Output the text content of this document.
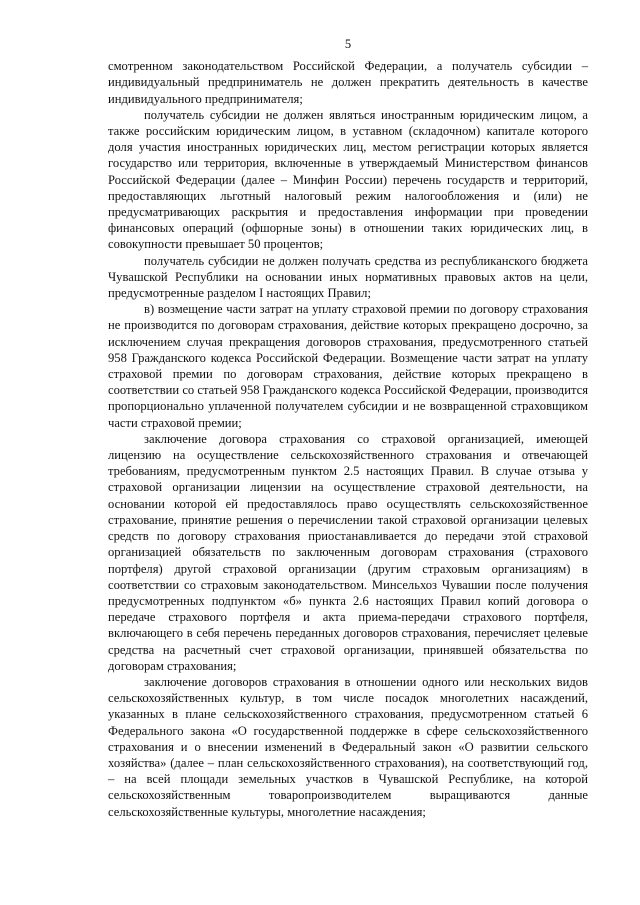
5

смотренном законодательством Российской Федерации, а получатель субсидии – индивидуальный предприниматель не должен прекратить деятельность в качестве индивидуального предпринимателя;

получатель субсидии не должен являться иностранным юридическим лицом, а также российским юридическим лицом, в уставном (складочном) капитале которого доля участия иностранных юридических лиц, местом регистрации которых является государство или территория, включенные в утверждаемый Министерством финансов Российской Федерации (далее – Минфин России) перечень государств и территорий, предоставляющих льготный налоговый режим налогообложения и (или) не предусматривающих раскрытия и предоставления информации при проведении финансовых операций (офшорные зоны) в отношении таких юридических лиц, в совокупности превышает 50 процентов;

получатель субсидии не должен получать средства из республиканского бюджета Чувашской Республики на основании иных нормативных правовых актов на цели, предусмотренные разделом I настоящих Правил;

в) возмещение части затрат на уплату страховой премии по договору страхования не производится по договорам страхования, действие которых прекращено досрочно, за исключением случая прекращения договоров страхования, предусмотренного статьей 958 Гражданского кодекса Российской Федерации. Возмещение части затрат на уплату страховой премии по договорам страхования, действие которых прекращено в соответствии со статьей 958 Гражданского кодекса Российской Федерации, производится пропорционально уплаченной получателем субсидии и не возвращенной страховщиком части страховой премии;

заключение договора страхования со страховой организацией, имеющей лицензию на осуществление сельскохозяйственного страхования и отвечающей требованиям, предусмотренным пунктом 2.5 настоящих Правил. В случае отзыва у страховой организации лицензии на осуществление страховой деятельности, на основании которой ей предоставлялось право осуществлять сельскохозяйственное страхование, принятие решения о перечислении такой страховой организации целевых средств по договору страхования приостанавливается до передачи этой страховой организацией обязательств по заключенным договорам страхования (страхового портфеля) другой страховой организации (другим страховым организациям) в соответствии со страховым законодательством. Минсельхоз Чувашии после получения предусмотренных подпунктом «б» пункта 2.6 настоящих Правил копий договора о передаче страхового портфеля и акта приема-передачи страхового портфеля, включающего в себя перечень переданных договоров страхования, перечисляет целевые средства на расчетный счет страховой организации, принявшей обязательства по договорам страхования;

заключение договоров страхования в отношении одного или нескольких видов сельскохозяйственных культур, в том числе посадок многолетних насаждений, указанных в плане сельскохозяйственного страхования, предусмотренном статьей 6 Федерального закона «О государственной поддержке в сфере сельскохозяйственного страхования и о внесении изменений в Федеральный закон «О развитии сельского хозяйства» (далее – план сельскохозяйственного страхования), на соответствующий год, – на всей площади земельных участков в Чувашской Республике, на которой сельскохозяйственным товаропроизводителем выращиваются данные сельскохозяйственные культуры, многолетние насаждения;
